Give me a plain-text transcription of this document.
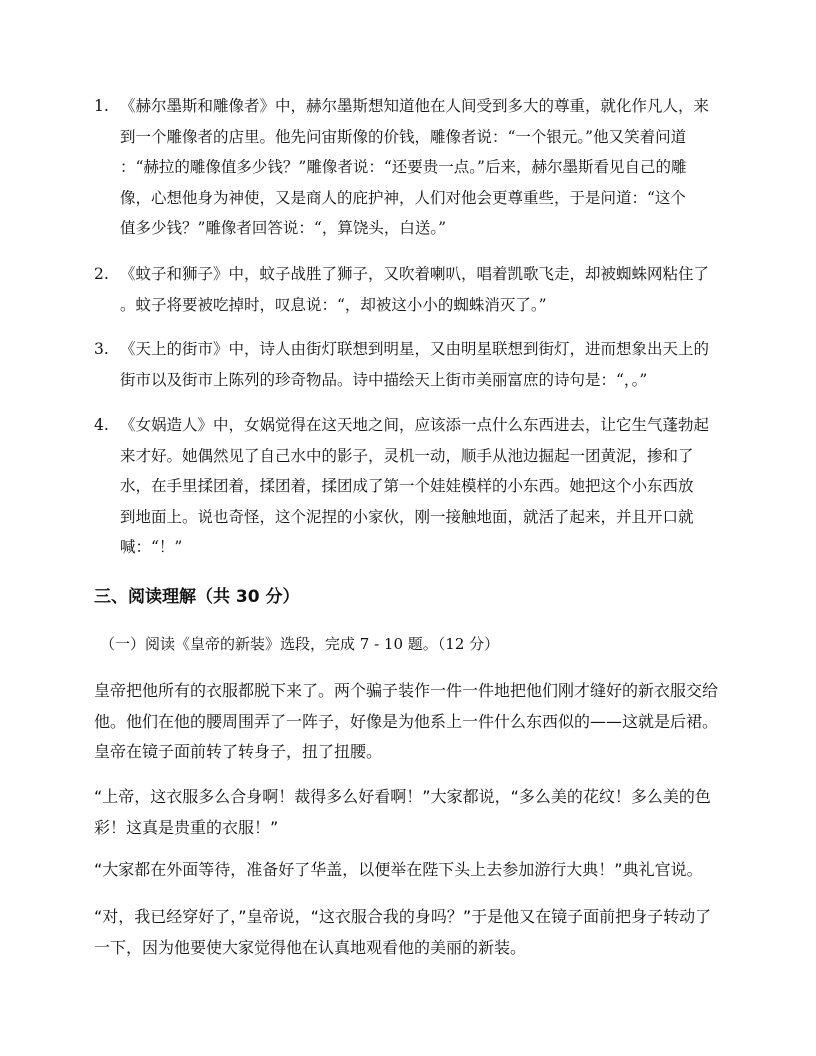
1. 《赫尔墨斯和雕像者》中，赫尔墨斯想知道他在人间受到多大的尊重，就化作凡人，来
到一个雕像者的店里。他先问宙斯像的价钱，雕像者说：“一个银元。”他又笑着问道
：“赫拉的雕像值多少钱？”雕像者说：“还要贵一点。”后来，赫尔墨斯看见自己的雕
像，心想他身为神使，又是商人的庇护神，人们对他会更尊重些，于是问道：“这个
值多少钱？”雕像者回答说：“，算饶头，白送。”
2. 《蚊子和狮子》中，蚊子战胜了狮子，又吹着喇叭，唱着凯歌飞走，却被蜘蛛网粘住了
。蚊子将要被吃掉时，叹息说：“，却被这小小的蜘蛛消灭了。”
3. 《天上的街市》中，诗人由街灯联想到明星，又由明星联想到街灯，进而想象出天上的
街市以及街市上陈列的珍奇物品。诗中描绘天上街市美丽富庶的诗句是：“，。”
4. 《女娲造人》中，女娲觉得在这天地之间，应该添一点什么东西进去，让它生气蓬勃起
来才好。她偶然见了自己水中的影子，灵机一动，顺手从池边掘起一团黄泥，掺和了
水，在手里揉团着，揉团着，揉团成了第一个娃娃模样的小东西。她把这个小东西放
到地面上。说也奇怪，这个泥捏的小家伙，刚一接触地面，就活了起来，并且开口就
喊：“！”
三、阅读理解（共 30 分）
（一）阅读《皇帝的新装》选段，完成 7 - 10 题。（12 分）
皇帝把他所有的衣服都脱下来了。两个骗子装作一件一件地把他们刚才缝好的新衣服交给
他。他们在他的腰周围弄了一阵子，好像是为他系上一件什么东西似的——这就是后裙。
皇帝在镜子面前转了转身子，扭了扭腰。
“上帝，这衣服多么合身啊！裁得多么好看啊！”大家都说，“多么美的花纹！多么美的色
彩！这真是贵重的衣服！”
“大家都在外面等待，准备好了华盖，以便举在陛下头上去参加游行大典！”典礼官说。
“对，我已经穿好了，”皇帝说，“这衣服合我的身吗？”于是他又在镜子面前把身子转动了
一下，因为他要使大家觉得他在认真地观看他的美丽的新装。
